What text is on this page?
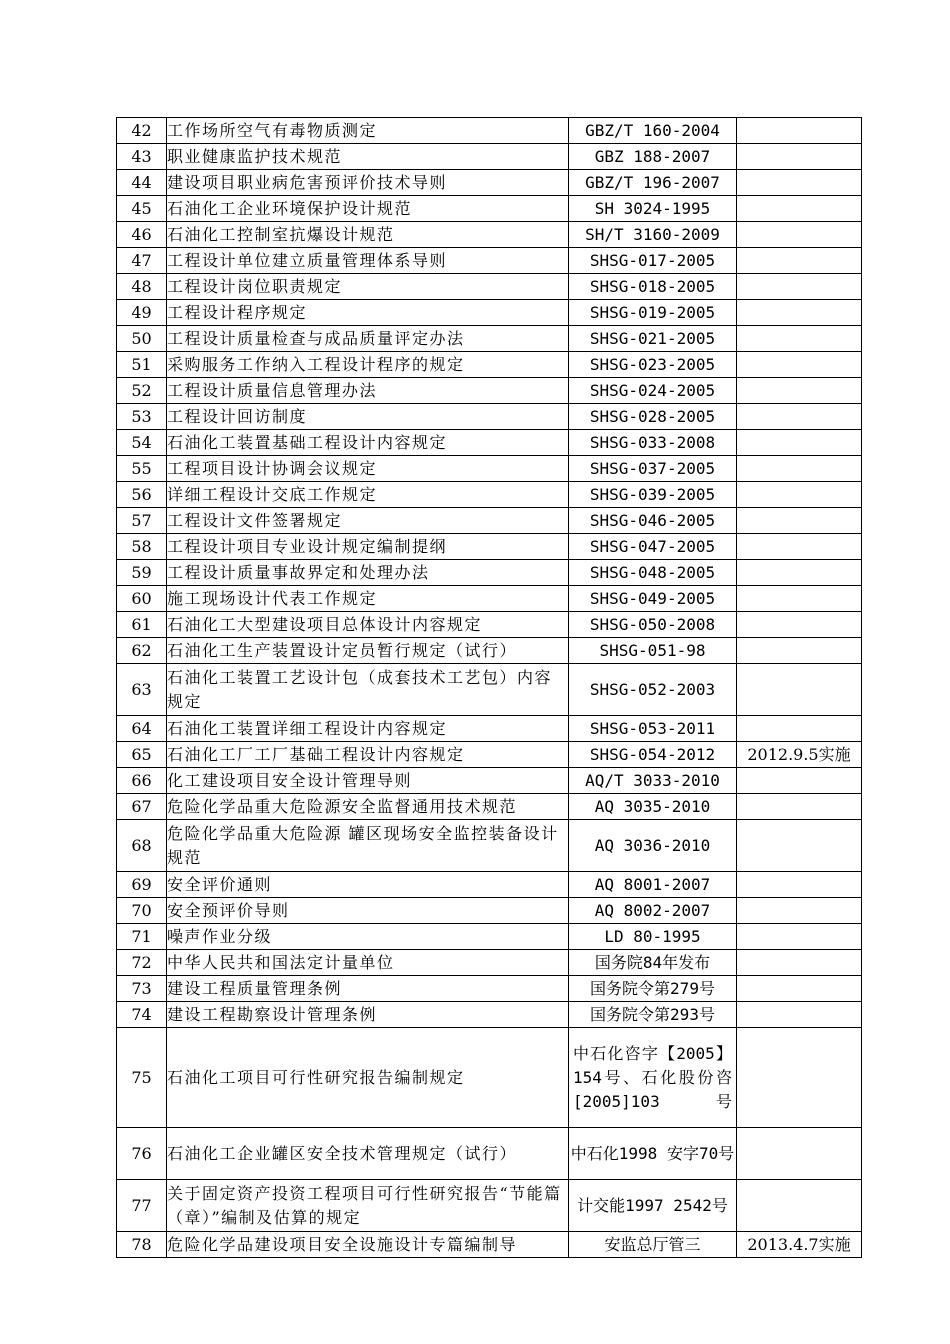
42	工作场所空气有毒物质测定	GBZ/T 160-2004	
43	职业健康监护技术规范	GBZ 188-2007	
44	建设项目职业病危害预评价技术导则	GBZ/T 196-2007	
45	石油化工企业环境保护设计规范	SH 3024-1995	
46	石油化工控制室抗爆设计规范	SH/T 3160-2009	
47	工程设计单位建立质量管理体系导则	SHSG-017-2005	
48	工程设计岗位职责规定	SHSG-018-2005	
49	工程设计程序规定	SHSG-019-2005	
50	工程设计质量检查与成品质量评定办法	SHSG-021-2005	
51	采购服务工作纳入工程设计程序的规定	SHSG-023-2005	
52	工程设计质量信息管理办法	SHSG-024-2005	
53	工程设计回访制度	SHSG-028-2005	
54	石油化工装置基础工程设计内容规定	SHSG-033-2008	
55	工程项目设计协调会议规定	SHSG-037-2005	
56	详细工程设计交底工作规定	SHSG-039-2005	
57	工程设计文件签署规定	SHSG-046-2005	
58	工程设计项目专业设计规定编制提纲	SHSG-047-2005	
59	工程设计质量事故界定和处理办法	SHSG-048-2005	
60	施工现场设计代表工作规定	SHSG-049-2005	
61	石油化工大型建设项目总体设计内容规定	SHSG-050-2008	
62	石油化工生产装置设计定员暂行规定（试行）	SHSG-051-98	
63	石油化工装置工艺设计包（成套技术工艺包）内容规定	SHSG-052-2003	
64	石油化工装置详细工程设计内容规定	SHSG-053-2011	
65	石油化工厂工厂基础工程设计内容规定	SHSG-054-2012	2012.9.5实施
66	化工建设项目安全设计管理导则	AQ/T 3033-2010	
67	危险化学品重大危险源安全监督通用技术规范	AQ 3035-2010	
68	危险化学品重大危险源 罐区现场安全监控装备设计规范	AQ 3036-2010	
69	安全评价通则	AQ 8001-2007	
70	安全预评价导则	AQ 8002-2007	
71	噪声作业分级	LD 80-1995	
72	中华人民共和国法定计量单位	国务院84年发布	
73	建设工程质量管理条例	国务院令第279号	
74	建设工程勘察设计管理条例	国务院令第293号	
75	石油化工项目可行性研究报告编制规定	中石化咨字【2005】154号、石化股份咨[2005]103号	
76	石油化工企业罐区安全技术管理规定（试行）	中石化1998 安字70号	
77	关于固定资产投资工程项目可行性研究报告“节能篇（章）”编制及估算的规定	计交能1997 2542号	
78	危险化学品建设项目安全设施设计专篇编制导	安监总厅管三	2013.4.7实施
